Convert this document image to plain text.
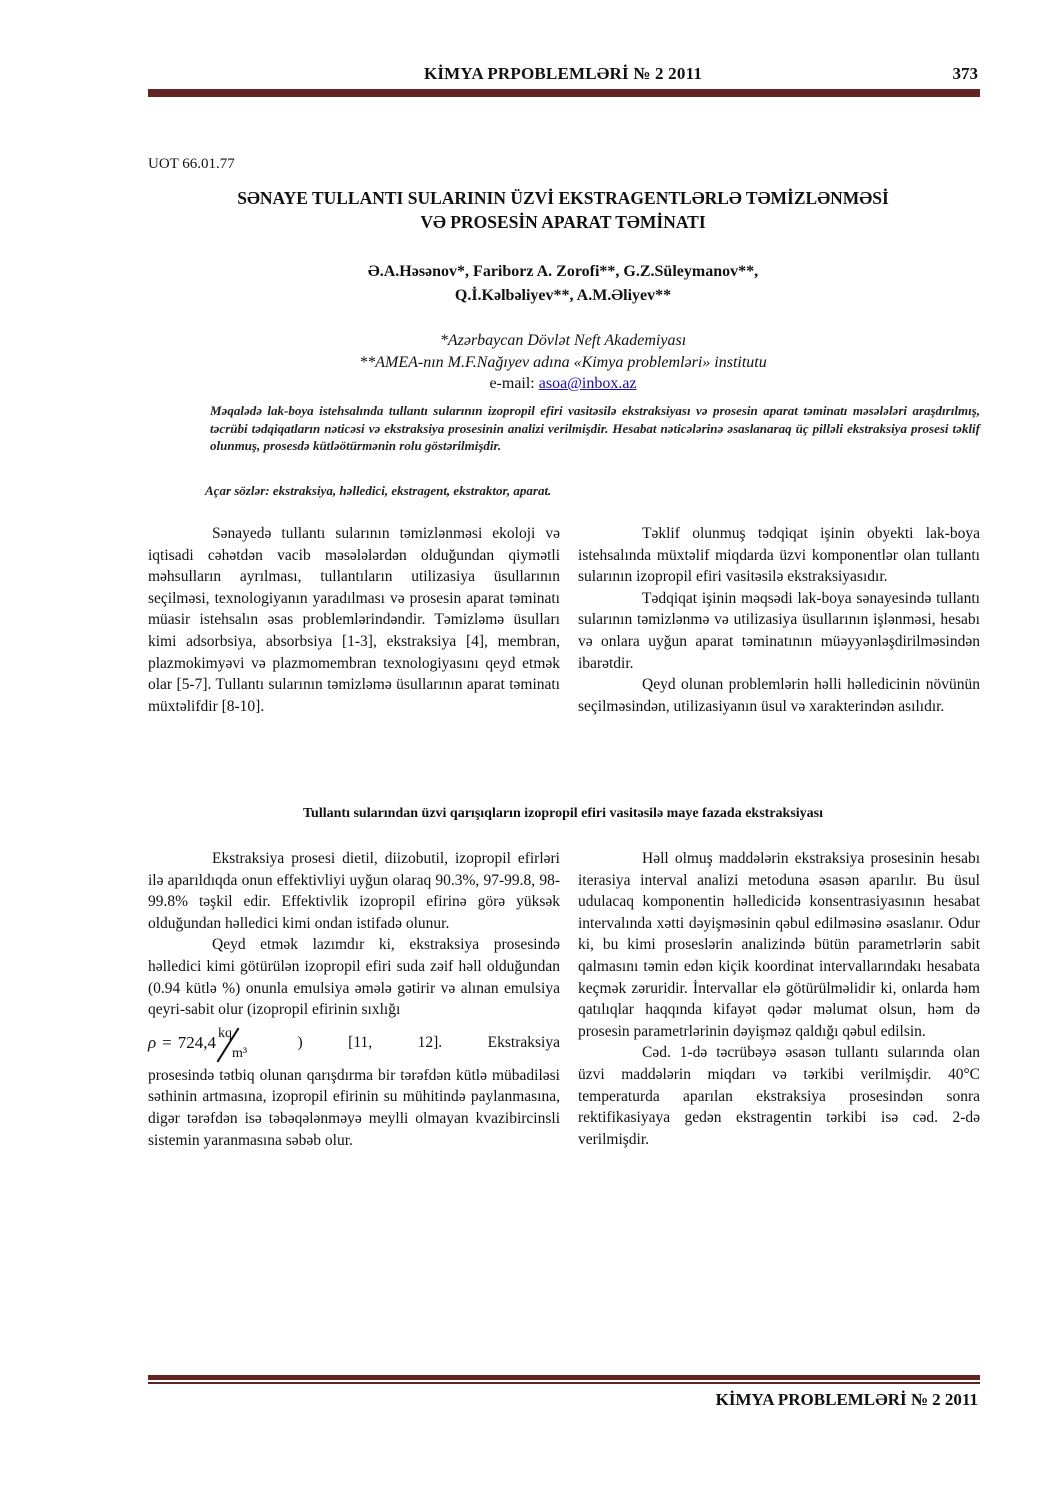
KİMYA PRPOBLEMLƏRİ № 2 2011	373
UOT 66.01.77
SƏNAYE TULLANTI SULARININ ÜZVİ EKSTRAGENTLƏRLƏ TƏMİZLƏNMƏSİ
VƏ PROSESİN APARAT TƏMİNATI
Ə.A.Həsənov*, Fariborz A. Zorofi**, G.Z.Süleymanov**,
Q.İ.Kəlbəliyev**, A.M.Əliyev**
*Azərbaycan Dövlət Neft Akademiyası
**AMEA-nın M.F.Nağıyev adına «Kimya problemləri» institutu
e-mail: asoa@inbox.az
Məqalədə lak-boya istehsalında tullantı sularının izopropil efiri vasitəsilə ekstraksiyası və prosesin aparat təminatı məsələləri araşdırılmış, təcrübi tədqiqatların nəticəsi və ekstraksiya prosesinin analizi verilmişdir. Hesabat nəticələrinə əsaslanaraq üç pilləli ekstraksiya prosesi təklif olunmuş, prosesdə kütləötürmənin rolu göstərilmişdir.
Açar sözlər: ekstraksiya, həlledici, ekstragent, ekstraktor, aparat.

Sənayedə tullantı sularının təmizlənməsi ekoloji və iqtisadi cəhətdən vacib məsələlərdən olduğundan qiymətli məhsulların ayrılması, tullantıların utilizasiya üsullarının seçilməsi, texnologiyanın yaradılması və prosesin aparat təminatı müasir istehsalın əsas problemlərindəndir. Təmizləmə üsulları kimi adsorbsiya, absorbsiya [1-3], ekstraksiya [4], membran, plazmokimyəvi və plazmomembran texnologiyasını qeyd etmək olar [5-7]. Tullantı sularının təmizləmə üsullarının aparat təminatı müxtəlifdir [8-10].

Təklif olunmuş tədqiqat işinin obyekti lak-boya istehsalında müxtəlif miqdarda üzvi komponentlər olan tullantı sularının izopropil efiri vasitəsilə ekstraksiyasıdır.

Tədqiqat işinin məqsədi lak-boya sənayesində tullantı sularının təmizlənmə və utilizasiya üsullarının işlənməsi, hesabı və onlara uyğun aparat təminatının müəyyənləşdirilməsindən ibarətdir.

Qeyd olunan problemlərin həlli həlledicinin növünün seçilməsindən, utilizasiyanın üsul və xarakterindən asılıdır.

Tullantı sularından üzvi qarışıqların izopropil efiri vasitəsilə maye fazada ekstraksiyası

Ekstraksiya prosesi dietil, diizobutil, izopropil efirləri ilə aparıldıqda onun effektivliyi uyğun olaraq 90.3%, 97-99.8, 98-99.8% təşkil edir. Effektivlik izopropil efirinə görə yüksək olduğundan həlledici kimi ondan istifadə olunur.

Qeyd etmək lazımdır ki, ekstraksiya prosesində həlledici kimi götürülən izopropil efiri suda zəif həll olduğundan (0.94 kütlə %) onunla emulsiya əmələ gətirir və alınan emulsiya qeyri-sabit olur (izopropil efirinin sıxlığı

ρ = 724,4 kq
m³
)	[11,	12].	Ekstraksiya

prosesində tətbiq olunan qarışdırma bir tərəfdən kütlə mübadiləsi səthinin artmasına, izopropil efirinin su mühitində paylanmasına, digər tərəfdən isə təbəqələnməyə meylli olmayan kvazibircinsli sistemin yaranmasına səbəb olur.

Həll olmuş maddələrin ekstraksiya prosesinin hesabı iterasiya interval analizi metoduna əsasən aparılır. Bu üsul udulacaq komponentin həlledicidə konsentrasiyasının hesabat intervalında xətti dəyişməsinin qəbul edilməsinə əsaslanır. Odur ki, bu kimi proseslərin analizində bütün parametrlərin sabit qalmasını təmin edən kiçik koordinat intervallarındakı hesabata keçmək zəruridir. İntervallar elə götürülməlidir ki, onlarda həm qatılıqlar haqqında kifayət qədər məlumat olsun, həm də prosesin parametrlərinin dəyişməz qaldığı qəbul edilsin.

Cəd. 1-də təcrübəyə əsasən tullantı sularında olan üzvi maddələrin miqdarı və tərkibi verilmişdir. 40°C temperaturda aparılan ekstraksiya prosesindən sonra rektifikasiyaya gedən ekstragentin tərkibi isə cəd. 2-də verilmişdir.

KİMYA PROBLEMLƏRİ № 2 2011
